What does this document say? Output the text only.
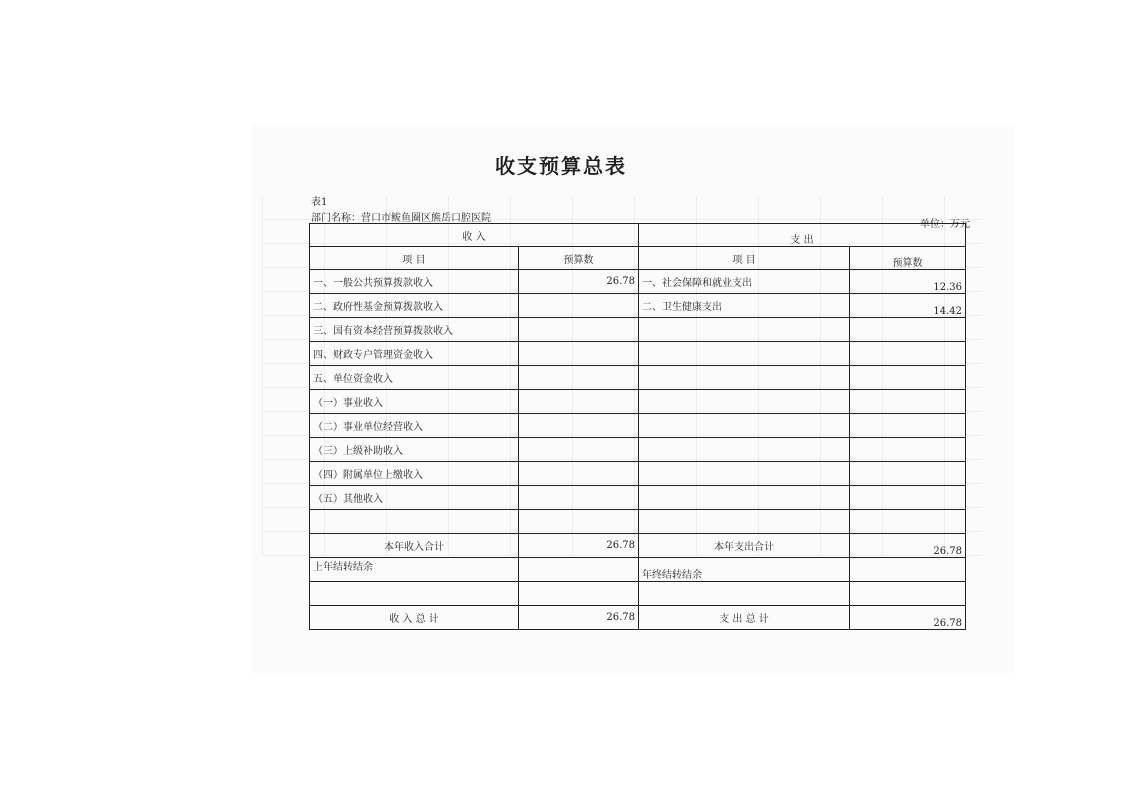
收支预算总表
表1
部门名称：营口市鲅鱼圈区熊岳口腔医院
单位：万元
收 入		支 出	
项 目	预算数	项 目	预算数
一、一般公共预算拨款收入	26.78	一、社会保障和就业支出	12.36
二、政府性基金预算拨款收入		二、卫生健康支出	14.42
三、国有资本经营预算拨款收入			
四、财政专户管理资金收入			
五、单位资金收入			
（一）事业收入			
（二）事业单位经营收入			
（三）上级补助收入			
（四）附属单位上缴收入			
（五）其他收入			

本年收入合计	26.78	本年支出合计	26.78
上年结转结余		年终结转结余	

收 入 总 计	26.78	支 出 总 计	26.78
